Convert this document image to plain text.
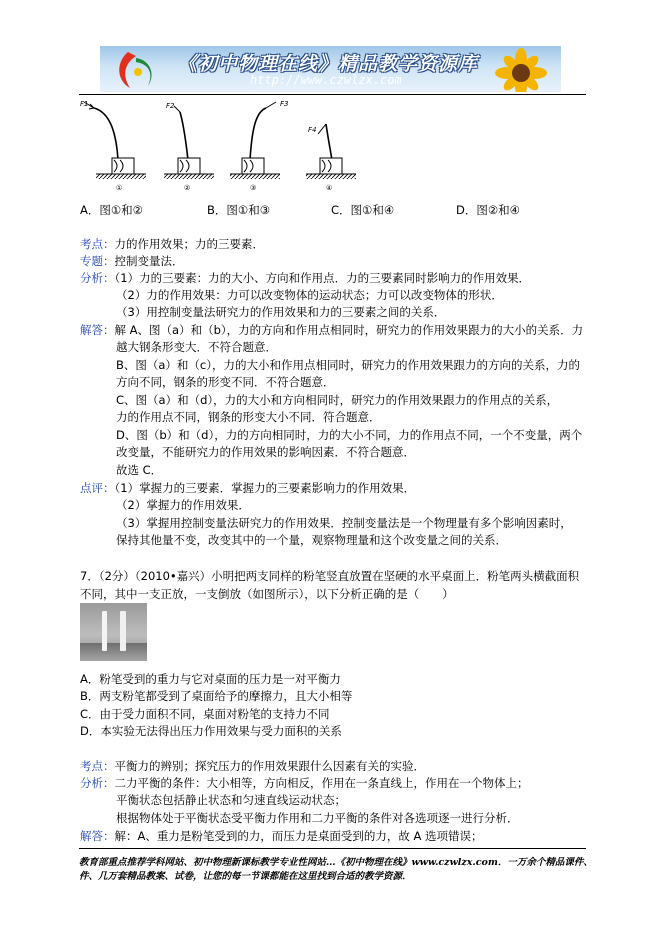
《初中物理在线》精品教学资源库
http://www.czwlzx.com
F1
①
F2
②
F3
③
F4
④
A．图①和②	B．图①和③	C．图①和④	D．图②和④
考点：力的作用效果；力的三要素．
专题：控制变量法．
分析：（1）力的三要素：力的大小、方向和作用点．力的三要素同时影响力的作用效果．
（2）力的作用效果：力可以改变物体的运动状态；力可以改变物体的形状．
（3）用控制变量法研究力的作用效果和力的三要素之间的关系．
解答：解 A、图（a）和（b），力的方向和作用点相同时，研究力的作用效果跟力的大小的关系．力
越大钢条形变大．不符合题意．
B、图（a）和（c），力的大小和作用点相同时，研究力的作用效果跟力的方向的关系，力的
方向不同，钢条的形变不同．不符合题意．
C、图（a）和（d），力的大小和方向相同时，研究力的作用效果跟力的作用点的关系，
力的作用点不同，钢条的形变大小不同．符合题意．
D、图（b）和（d），力的方向相同时，力的大小不同，力的作用点不同，一个不变量，两个
改变量，不能研究力的作用效果的影响因素．不符合题意．
故选 C．
点评：（1）掌握力的三要素．掌握力的三要素影响力的作用效果．
（2）掌握力的作用效果．
（3）掌握用控制变量法研究力的作用效果．控制变量法是一个物理量有多个影响因素时，
保持其他量不变，改变其中的一个量，观察物理量和这个改变量之间的关系．
7．（2分）（2010•嘉兴）小明把两支同样的粉笔竖直放置在坚硬的水平桌面上．粉笔两头横截面积
不同，其中一支正放，一支倒放（如图所示），以下分析正确的是（　　）
A．粉笔受到的重力与它对桌面的压力是一对平衡力
B．两支粉笔都受到了桌面给予的摩擦力，且大小相等
C．由于受力面积不同，桌面对粉笔的支持力不同
D．本实验无法得出压力作用效果与受力面积的关系
考点：平衡力的辨别；探究压力的作用效果跟什么因素有关的实验．
分析：二力平衡的条件：大小相等，方向相反，作用在一条直线上，作用在一个物体上；
平衡状态包括静止状态和匀速直线运动状态；
根据物体处于平衡状态受平衡力作用和二力平衡的条件对各选项逐一进行分析．
解答：解：A、重力是粉笔受到的力，而压力是桌面受到的力，故 A 选项错误；
教育部重点推荐学科网站、初中物理新课标教学专业性网站…《初中物理在线》www.czwlzx.com．一万余个精品课件、
件、几万套精品教案、试卷，让您的每一节课都能在这里找到合适的教学资源．
